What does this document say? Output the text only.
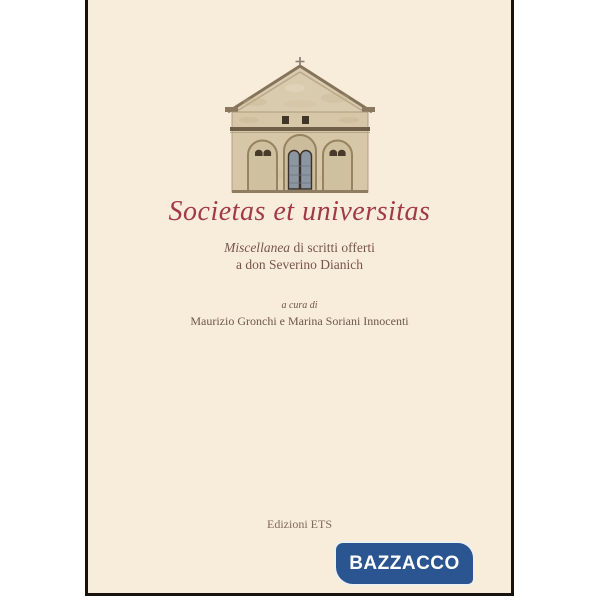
Societas et universitas
Miscellanea di scritti offerti
a don Severino Dianich
a cura di
Maurizio Gronchi e Marina Soriani Innocenti
Edizioni ETS
BAZZACCO
